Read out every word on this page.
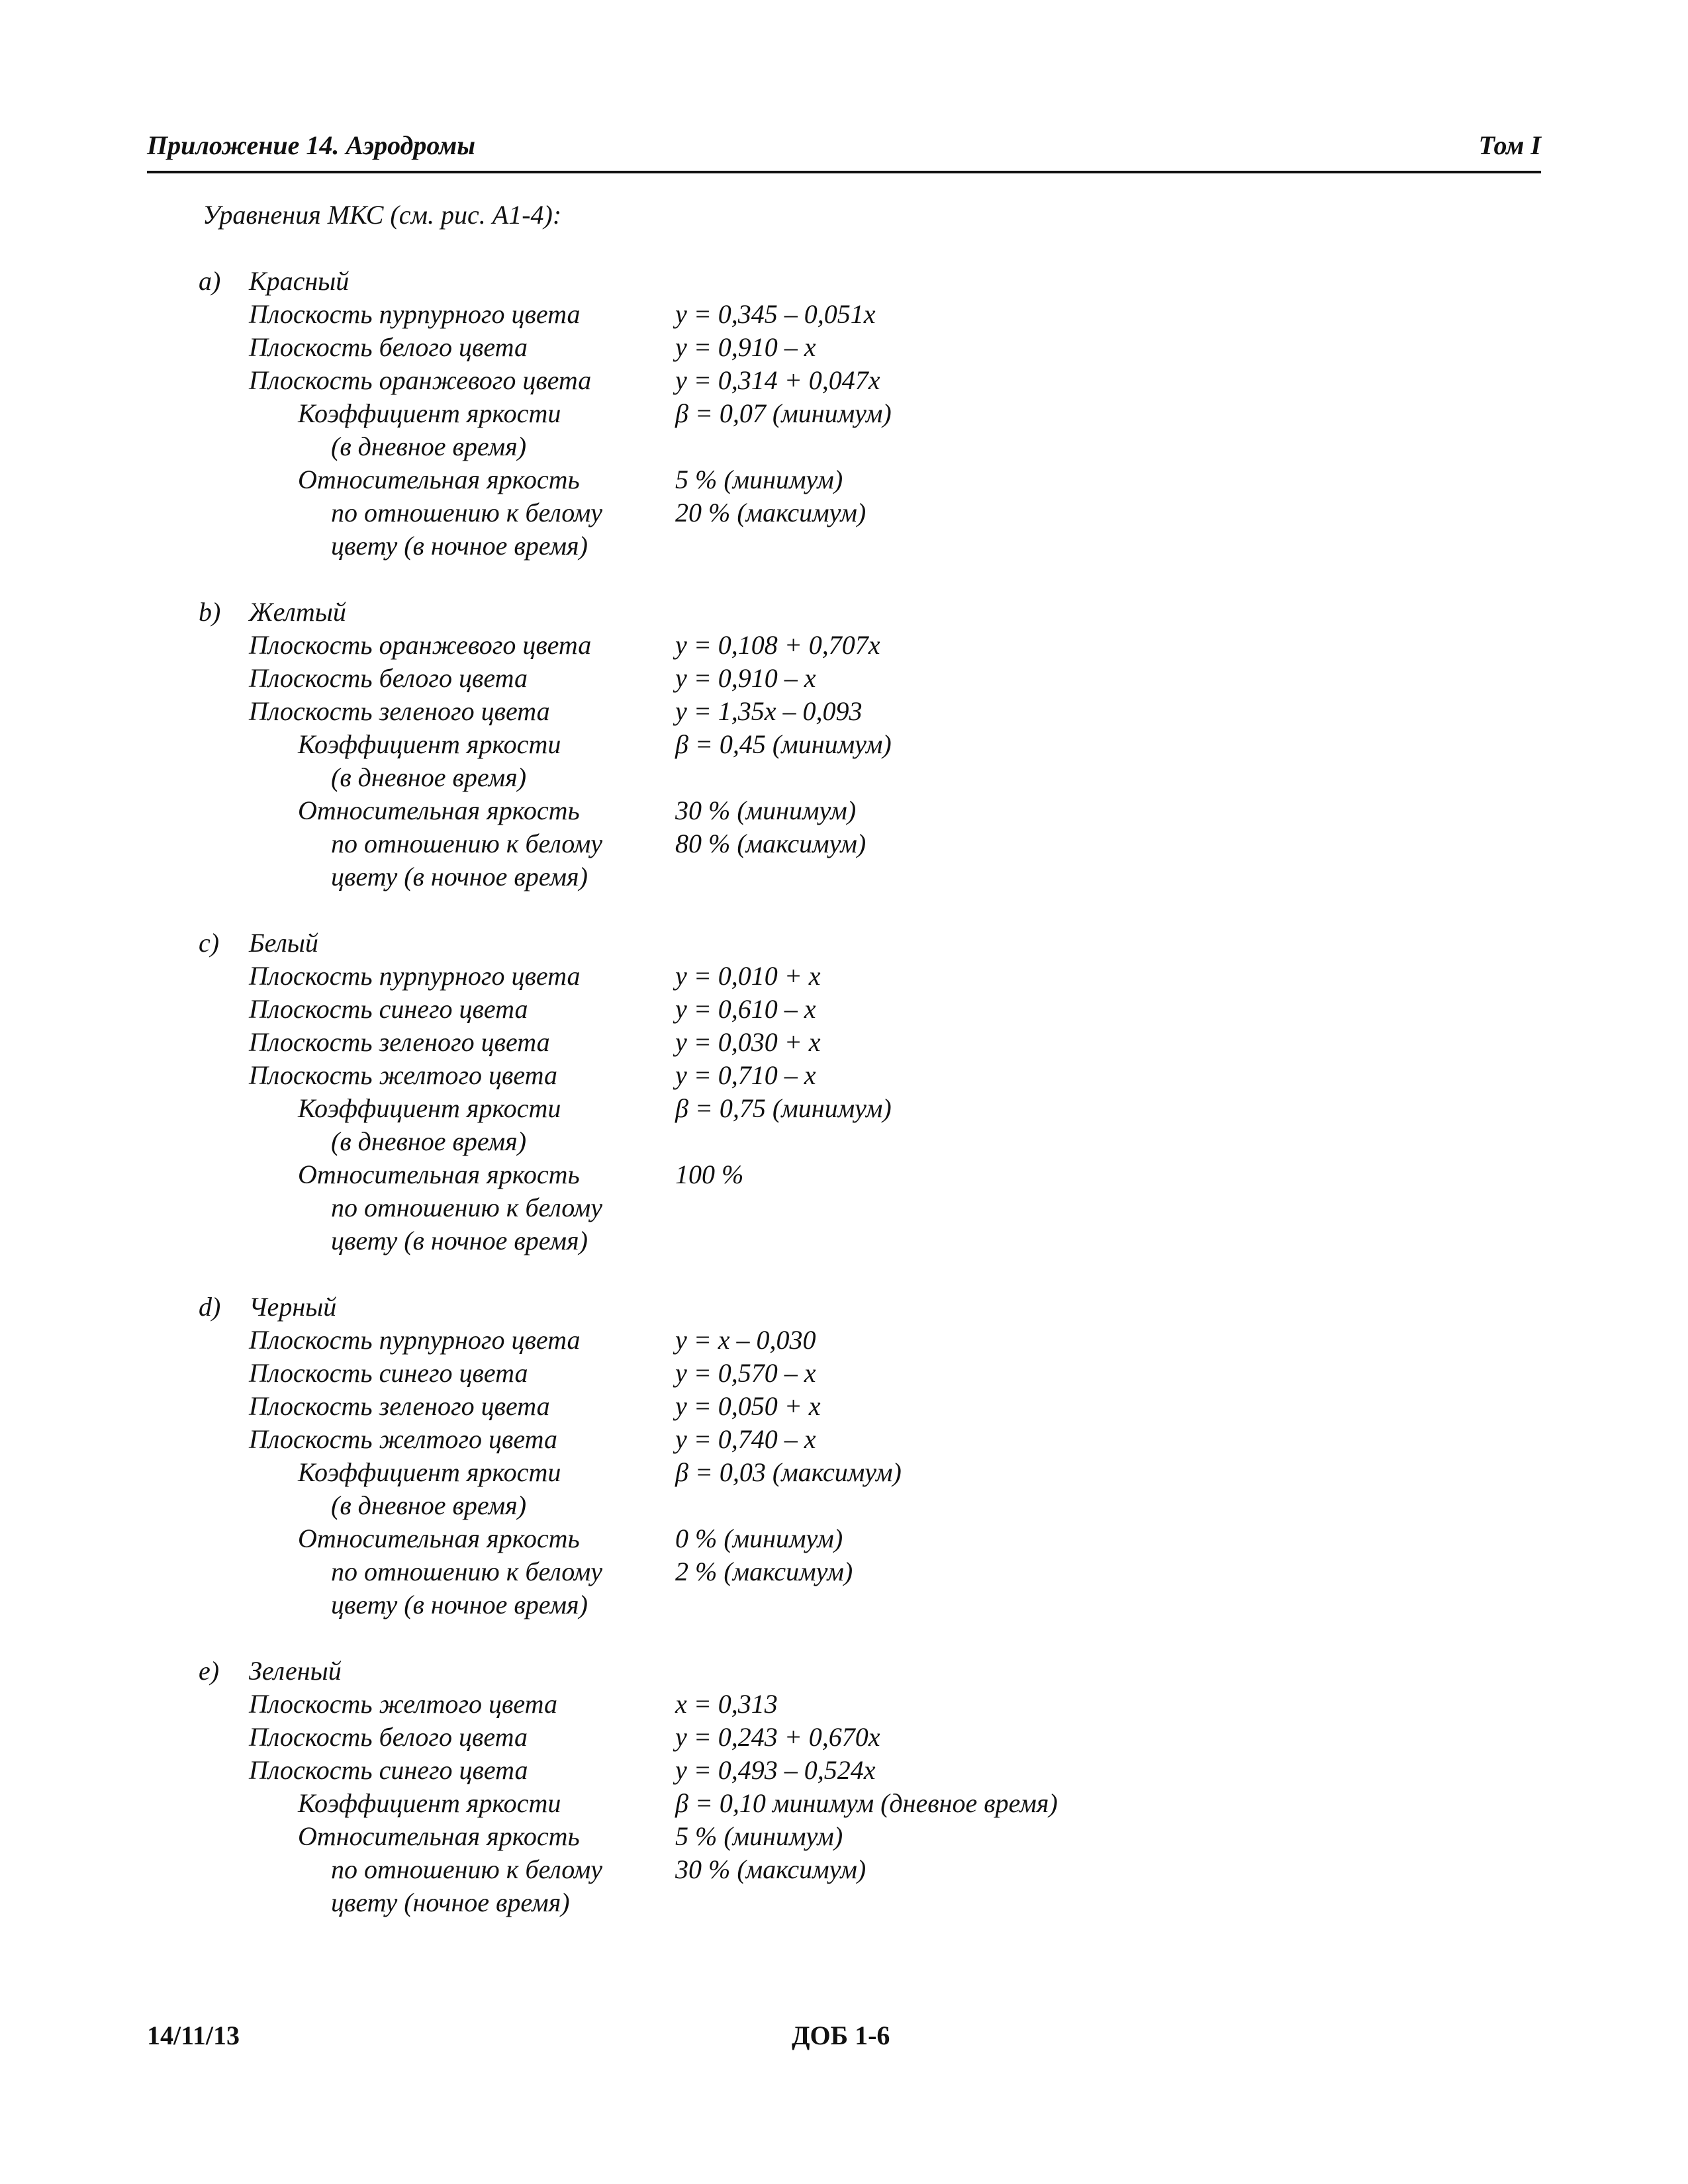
Приложение 14. Аэродромы	Том I
Уравнения МКС (см. рис. А1-4):
a) Красный
Плоскость пурпурного цвета	y = 0,345 – 0,051x
Плоскость белого цвета	y = 0,910 – x
Плоскость оранжевого цвета	y = 0,314 + 0,047x
Коэффициент яркости	β = 0,07 (минимум)
(в дневное время)
Относительная яркость	5 % (минимум)
по отношению к белому	20 % (максимум)
цвету (в ночное время)
b) Желтый
Плоскость оранжевого цвета	y = 0,108 + 0,707x
Плоскость белого цвета	y = 0,910 – x
Плоскость зеленого цвета	y = 1,35x – 0,093
Коэффициент яркости	β = 0,45 (минимум)
(в дневное время)
Относительная яркость	30 % (минимум)
по отношению к белому	80 % (максимум)
цвету (в ночное время)
c) Белый
Плоскость пурпурного цвета	y = 0,010 + x
Плоскость синего цвета	y = 0,610 – x
Плоскость зеленого цвета	y = 0,030 + x
Плоскость желтого цвета	y = 0,710 – x
Коэффициент яркости	β = 0,75 (минимум)
(в дневное время)
Относительная яркость	100 %
по отношению к белому
цвету (в ночное время)
d) Черный
Плоскость пурпурного цвета	y = x – 0,030
Плоскость синего цвета	y = 0,570 – x
Плоскость зеленого цвета	y = 0,050 + x
Плоскость желтого цвета	y = 0,740 – x
Коэффициент яркости	β = 0,03 (максимум)
(в дневное время)
Относительная яркость	0 % (минимум)
по отношению к белому	2 % (максимум)
цвету (в ночное время)
e) Зеленый
Плоскость желтого цвета	x = 0,313
Плоскость белого цвета	y = 0,243 + 0,670x
Плоскость синего цвета	y = 0,493 – 0,524x
Коэффициент яркости	β = 0,10 минимум (дневное время)
Относительная яркость	5 % (минимум)
по отношению к белому	30 % (максимум)
цвету (ночное время)
14/11/13	ДОБ 1-6
